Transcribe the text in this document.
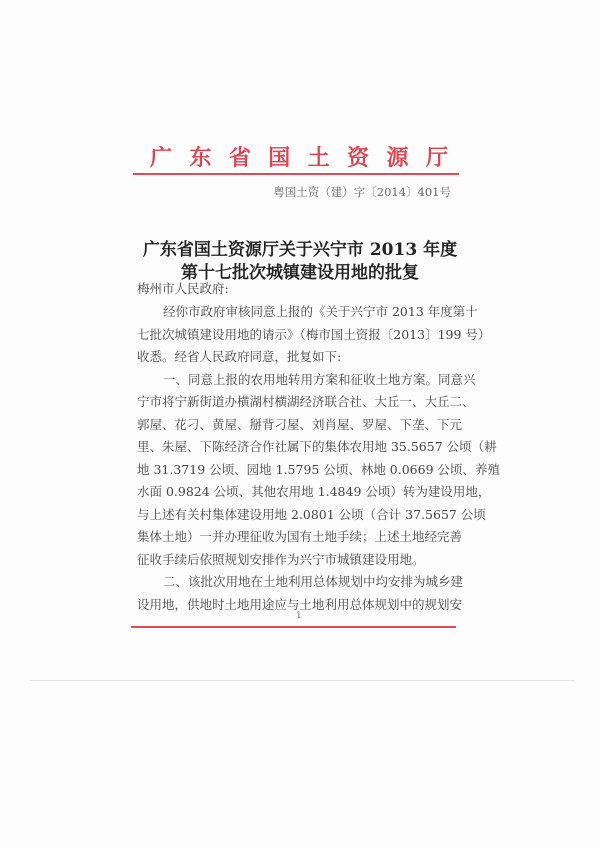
广东省国土资源厅
粤国土资（建）字〔2014〕401号
广东省国土资源厅关于兴宁市 2013 年度
第十七批次城镇建设用地的批复
梅州市人民政府:
经你市政府审核同意上报的《关于兴宁市 2013 年度第十
七批次城镇建设用地的请示》（梅市国土资报〔2013〕199 号）
收悉。经省人民政府同意，批复如下:
一、同意上报的农用地转用方案和征收土地方案。同意兴
宁市将宁新街道办横湖村横湖经济联合社、大丘一、大丘二、
郭屋、花刁、黄屋、掰背刁屋、刘肖屋、罗屋、下垄、下元
里、朱屋、下陈经济合作社属下的集体农用地 35.5657 公顷（耕
地 31.3719 公顷、园地 1.5795 公顷、林地 0.0669 公顷、养殖
水面 0.9824 公顷、其他农用地 1.4849 公顷）转为建设用地，
与上述有关村集体建设用地 2.0801 公顷（合计 37.5657 公顷
集体土地）一并办理征收为国有土地手续；上述土地经完善
征收手续后依照规划安排作为兴宁市城镇建设用地。
二、该批次用地在土地利用总体规划中均安排为城乡建
设用地，供地时土地用途应与土地利用总体规划中的规划安
1
